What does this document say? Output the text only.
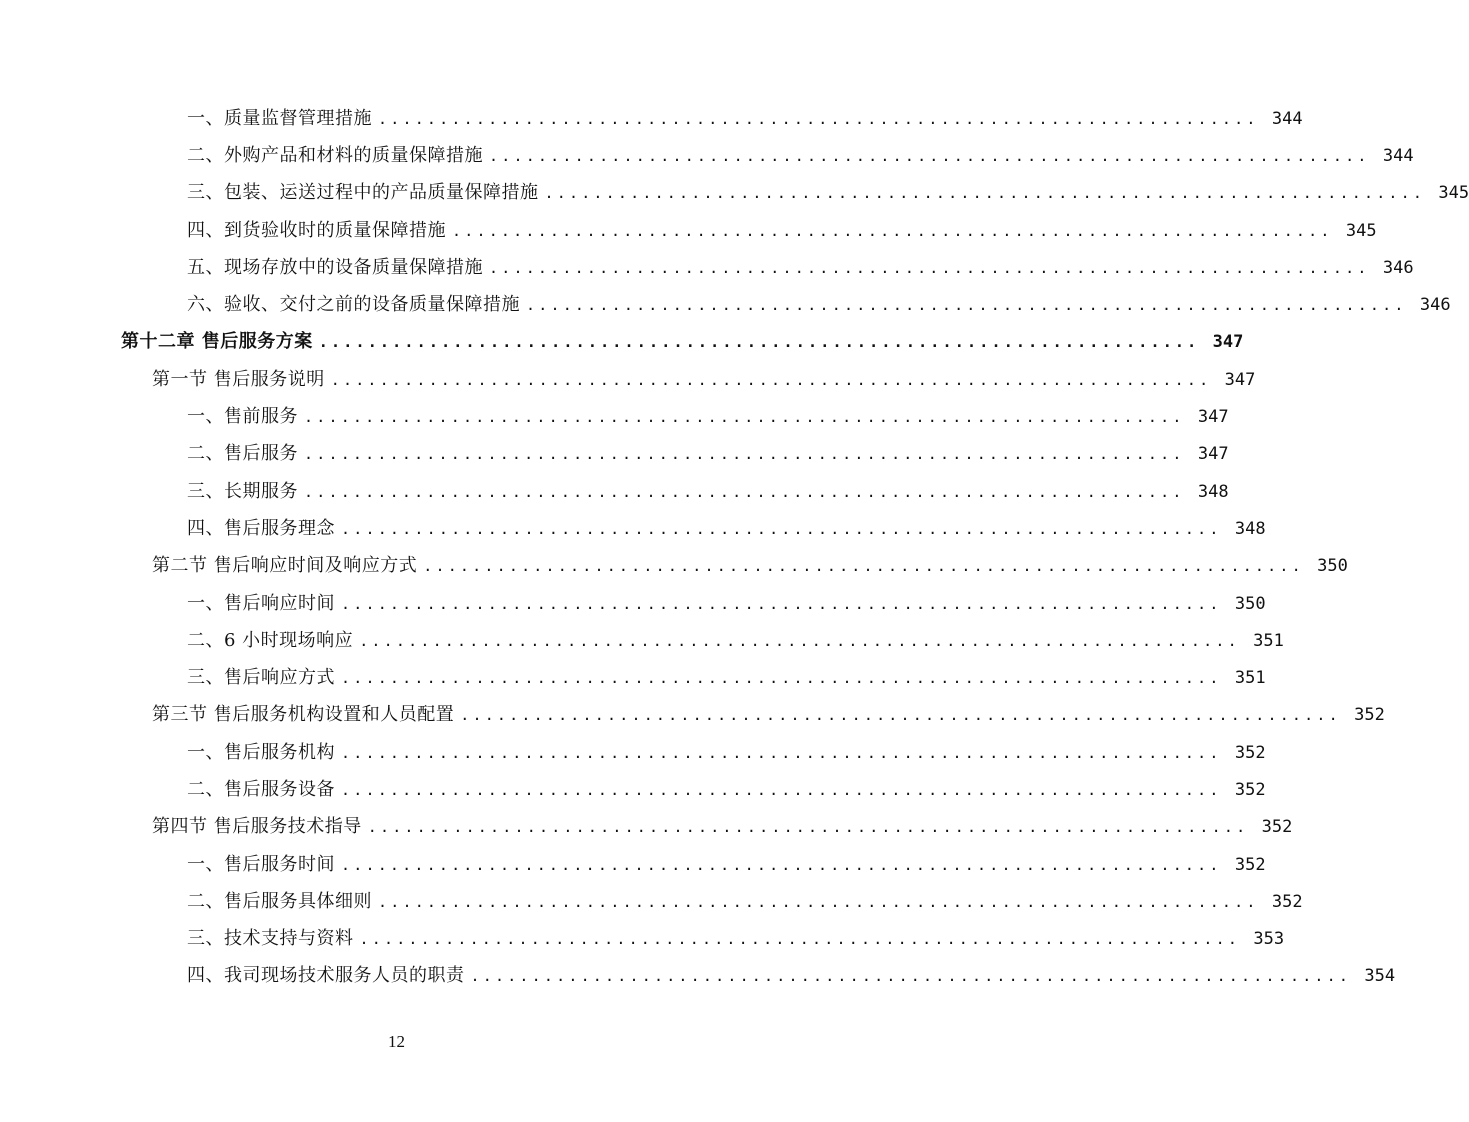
一、质量监督管理措施 ........................................................................ 344
二、外购产品和材料的质量保障措施 ........................................................................ 344
三、包装、运送过程中的产品质量保障措施 ........................................................................ 345
四、到货验收时的质量保障措施 ........................................................................ 345
五、现场存放中的设备质量保障措施 ........................................................................ 346
六、验收、交付之前的设备质量保障措施 ........................................................................ 346
第十二章 售后服务方案 ........................................................................ 347
第一节 售后服务说明 ........................................................................ 347
一、售前服务 ........................................................................ 347
二、售后服务 ........................................................................ 347
三、长期服务 ........................................................................ 348
四、售后服务理念 ........................................................................ 348
第二节 售后响应时间及响应方式 ........................................................................ 350
一、售后响应时间 ........................................................................ 350
二、6 小时现场响应 ........................................................................ 351
三、售后响应方式 ........................................................................ 351
第三节 售后服务机构设置和人员配置 ........................................................................ 352
一、售后服务机构 ........................................................................ 352
二、售后服务设备 ........................................................................ 352
第四节 售后服务技术指导 ........................................................................ 352
一、售后服务时间 ........................................................................ 352
二、售后服务具体细则 ........................................................................ 352
三、技术支持与资料 ........................................................................ 353
四、我司现场技术服务人员的职责 ........................................................................ 354
12
